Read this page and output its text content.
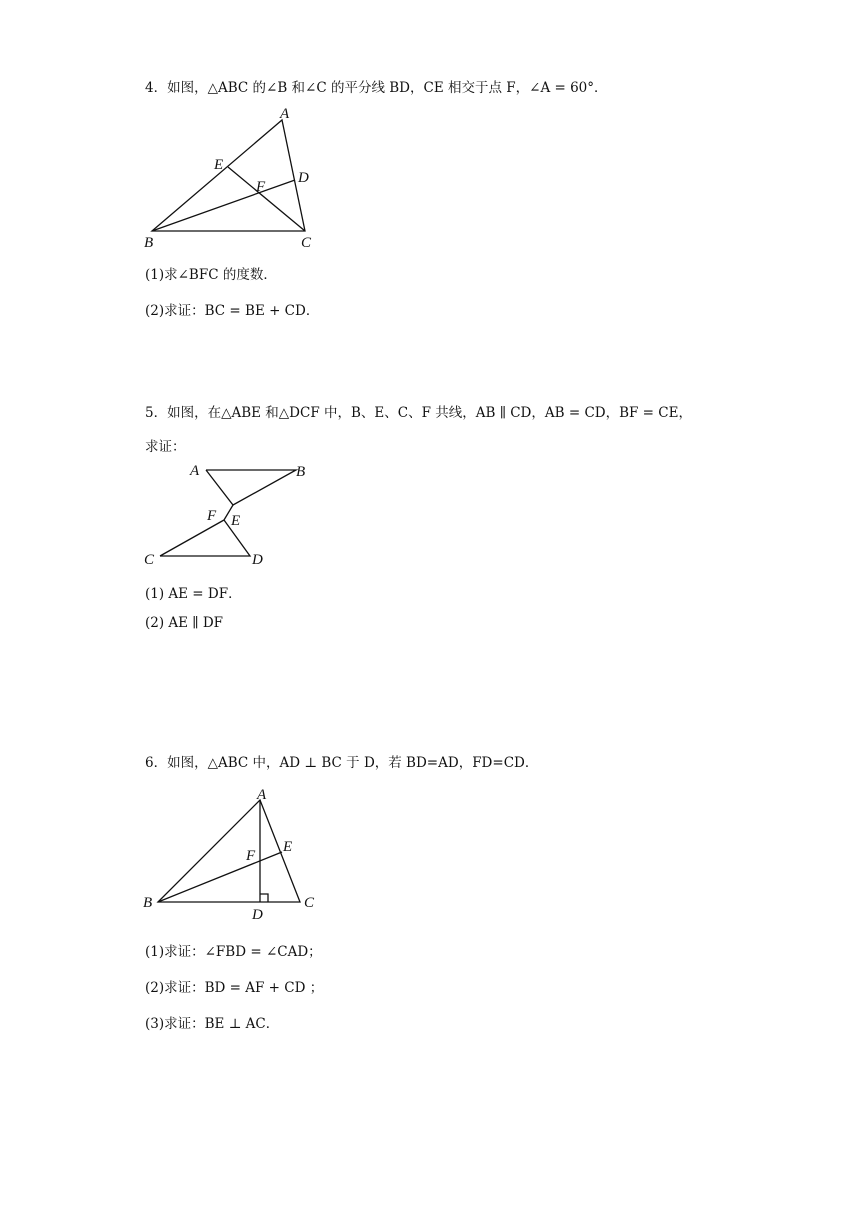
4．如图，△ABC 的∠B 和∠C 的平分线 BD，CE 相交于点 F，∠A = 60°．
A
B	C
D
E
F
(1)求∠BFC 的度数．
(2)求证：BC = BE + CD．
5．如图，在△ABE 和△DCF 中，B、E、C、F 共线，AB ∥ CD，AB = CD，BF = CE，
求证：
A	B
C	D
E
F
(1) AE = DF．
(2) AE ∥ DF
6．如图，△ABC 中，AD ⊥ BC 于 D，若 BD=AD，FD=CD．
A
B	C
D
E
F
(1)求证：∠FBD = ∠CAD；
(2)求证：BD = AF + CD ；
(3)求证：BE ⊥ AC．
